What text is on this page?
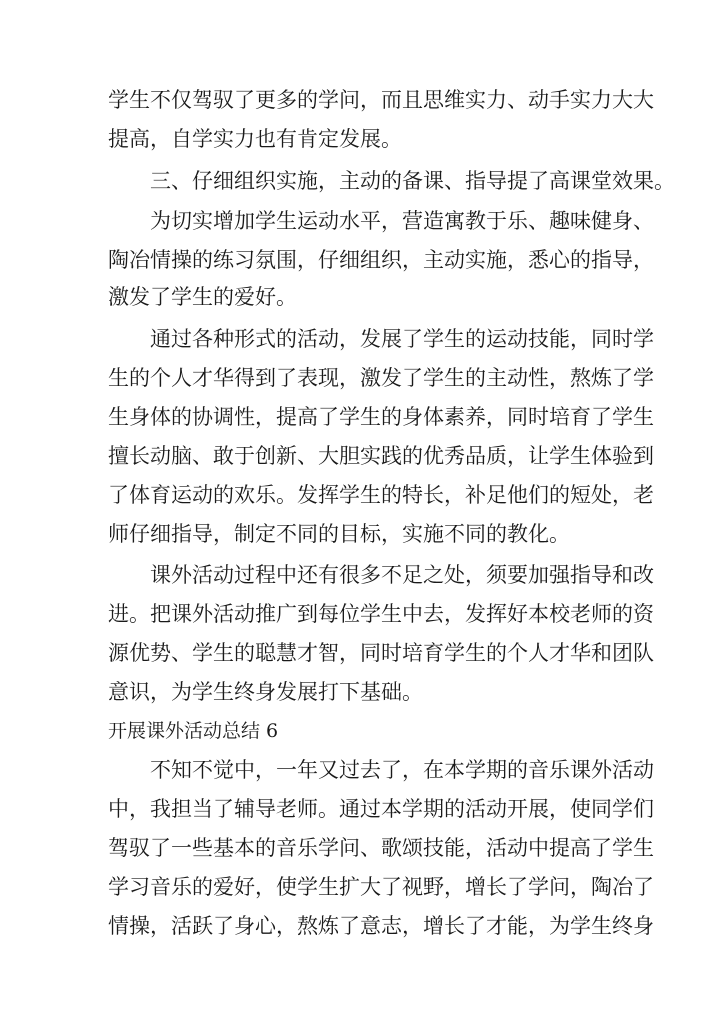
学生不仅驾驭了更多的学问，而且思维实力、动手实力大大
提高，自学实力也有肯定发展。
三、仔细组织实施，主动的备课、指导提了高课堂效果。
为切实增加学生运动水平，营造寓教于乐、趣味健身、
陶冶情操的练习氛围，仔细组织，主动实施，悉心的指导，
激发了学生的爱好。
通过各种形式的活动，发展了学生的运动技能，同时学
生的个人才华得到了表现，激发了学生的主动性，熬炼了学
生身体的协调性，提高了学生的身体素养，同时培育了学生
擅长动脑、敢于创新、大胆实践的优秀品质，让学生体验到
了体育运动的欢乐。发挥学生的特长，补足他们的短处，老
师仔细指导，制定不同的目标，实施不同的教化。
课外活动过程中还有很多不足之处，须要加强指导和改
进。把课外活动推广到每位学生中去，发挥好本校老师的资
源优势、学生的聪慧才智，同时培育学生的个人才华和团队
意识，为学生终身发展打下基础。
开展课外活动总结 6
不知不觉中，一年又过去了，在本学期的音乐课外活动
中，我担当了辅导老师。通过本学期的活动开展，使同学们
驾驭了一些基本的音乐学问、歌颂技能，活动中提高了学生
学习音乐的爱好，使学生扩大了视野，增长了学问，陶冶了
情操，活跃了身心，熬炼了意志，增长了才能，为学生终身
